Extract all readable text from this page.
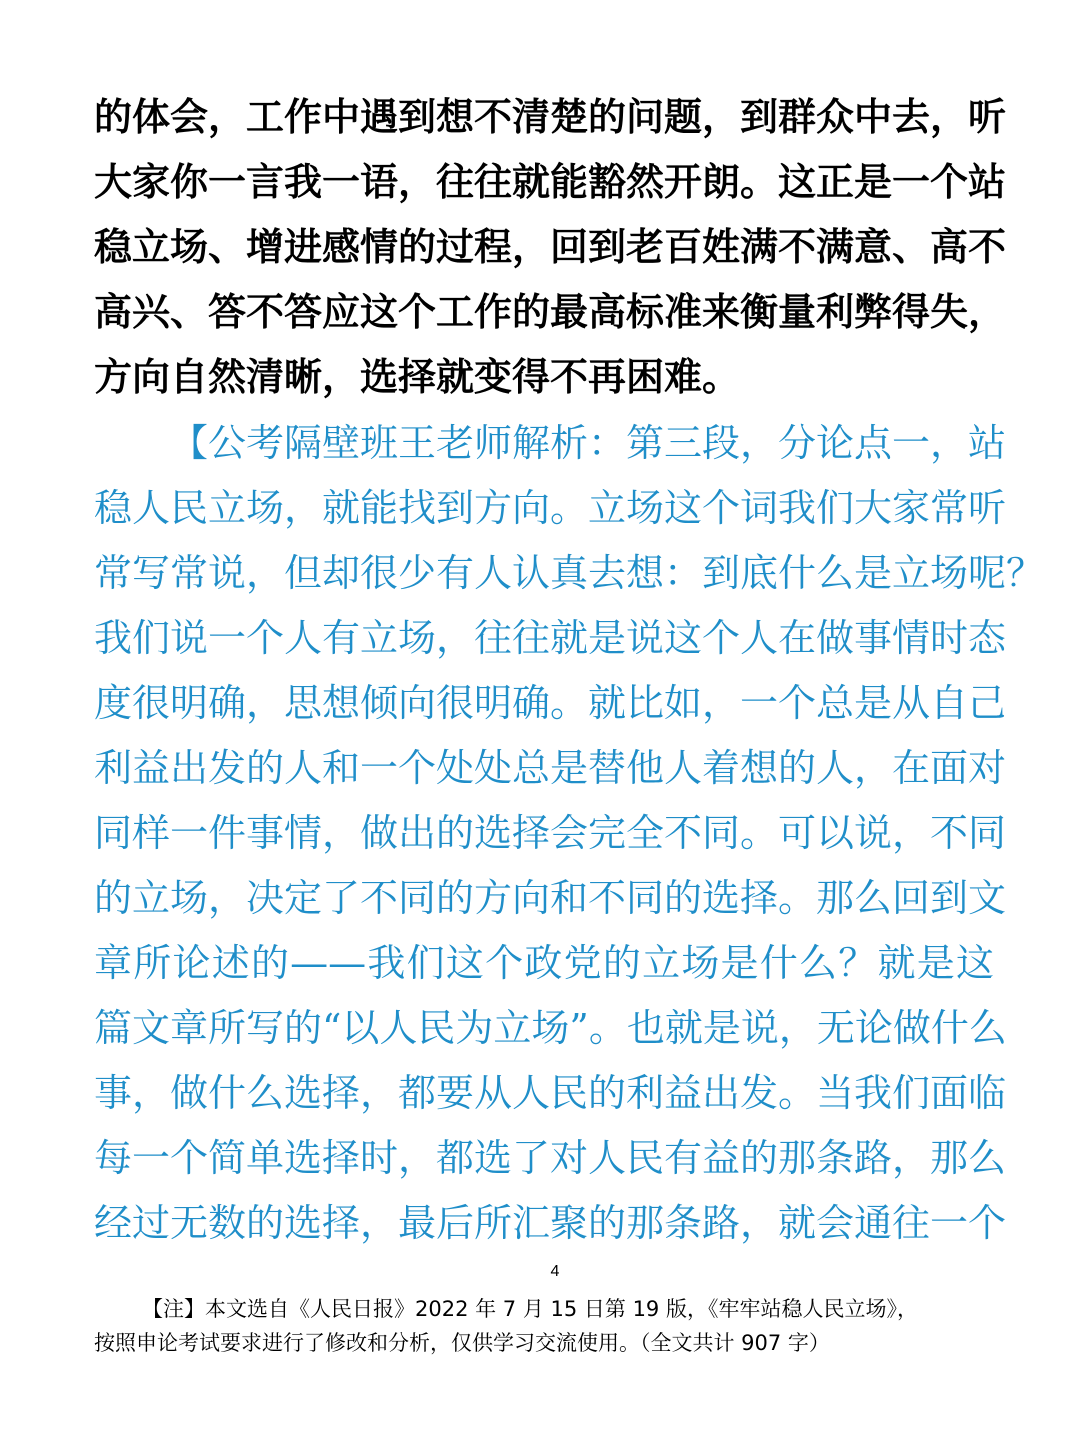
的体会，工作中遇到想不清楚的问题，到群众中去，听
大家你一言我一语，往往就能豁然开朗。这正是一个站
稳立场、增进感情的过程，回到老百姓满不满意、高不
高兴、答不答应这个工作的最高标准来衡量利弊得失，
方向自然清晰，选择就变得不再困难。
【公考隔壁班王老师解析：第三段，分论点一，站
稳人民立场，就能找到方向。立场这个词我们大家常听
常写常说，但却很少有人认真去想：到底什么是立场呢？
我们说一个人有立场，往往就是说这个人在做事情时态
度很明确，思想倾向很明确。就比如，一个总是从自己
利益出发的人和一个处处总是替他人着想的人，在面对
同样一件事情，做出的选择会完全不同。可以说，不同
的立场，决定了不同的方向和不同的选择。那么回到文
章所论述的——我们这个政党的立场是什么？就是这
篇文章所写的“以人民为立场”。也就是说，无论做什么
事，做什么选择，都要从人民的利益出发。当我们面临
每一个简单选择时，都选了对人民有益的那条路，那么
经过无数的选择，最后所汇聚的那条路，就会通往一个
4
【注】本文选自《人民日报》2022 年 7 月 15 日第 19 版，《牢牢站稳人民立场》，
按照申论考试要求进行了修改和分析，仅供学习交流使用。（全文共计 907 字）
